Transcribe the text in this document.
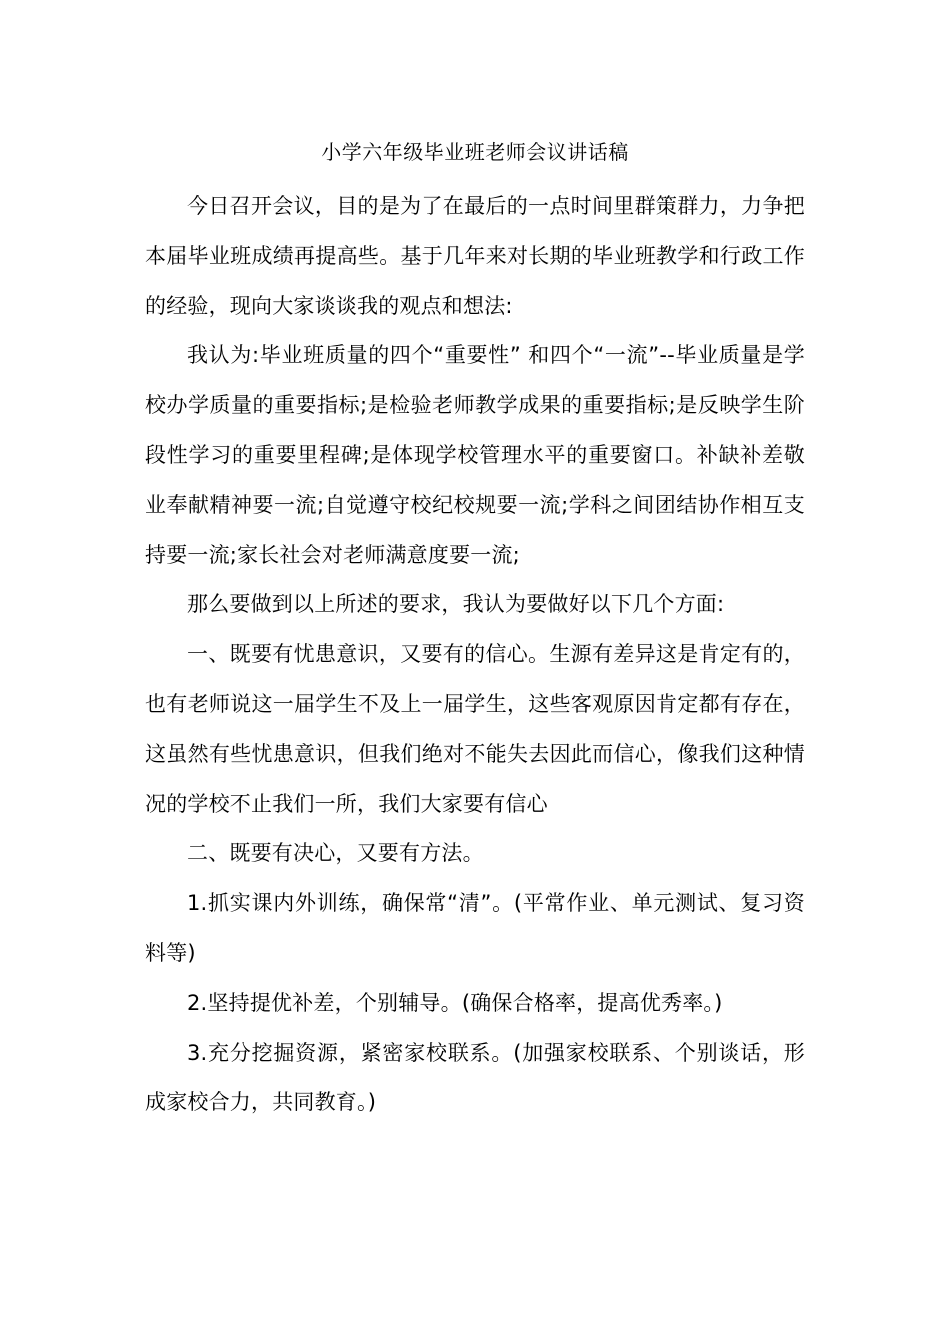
小学六年级毕业班老师会议讲话稿

今日召开会议，目的是为了在最后的一点时间里群策群力，力争把本届毕业班成绩再提高些。基于几年来对长期的毕业班教学和行政工作的经验，现向大家谈谈我的观点和想法:

我认为:毕业班质量的四个“重要性” 和四个“一流”--毕业质量是学校办学质量的重要指标;是检验老师教学成果的重要指标;是反映学生阶段性学习的重要里程碑;是体现学校管理水平的重要窗口。补缺补差敬业奉献精神要一流;自觉遵守校纪校规要一流;学科之间团结协作相互支持要一流;家长社会对老师满意度要一流;

那么要做到以上所述的要求，我认为要做好以下几个方面:

一、既要有忧患意识，又要有的信心。生源有差异这是肯定有的，也有老师说这一届学生不及上一届学生，这些客观原因肯定都有存在，这虽然有些忧患意识，但我们绝对不能失去因此而信心，像我们这种情况的学校不止我们一所，我们大家要有信心

二、既要有决心，又要有方法。

1.抓实课内外训练，确保常“清”。(平常作业、单元测试、复习资料等)

2.坚持提优补差，个别辅导。(确保合格率，提高优秀率。)

3.充分挖掘资源，紧密家校联系。(加强家校联系、个别谈话，形成家校合力，共同教育。)
